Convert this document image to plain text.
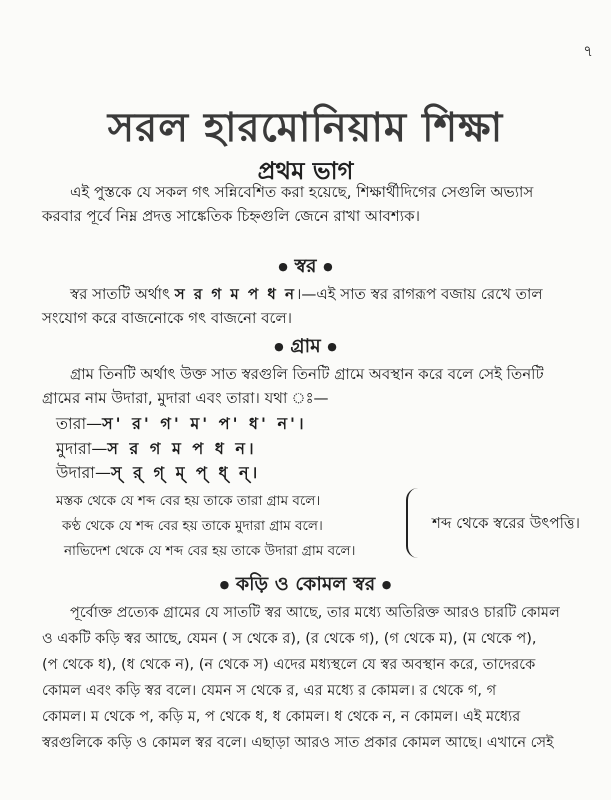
৭
সরল হারমোনিয়াম শিক্ষা
প্রথম ভাগ
এই পুস্তকে যে সকল গৎ সন্নিবেশিত করা হয়েছে, শিক্ষার্থীদিগের সেগুলি অভ্যাস
করবার পূর্বে নিম্ন প্রদত্ত সাঙ্কেতিক চিহ্নগুলি জেনে রাখা আবশ্যক।
● স্বর ●
স্বর সাতটি অর্থাৎ স র গ ম প ধ ন।—এই সাত স্বর রাগরূপ বজায় রেখে তাল
সংযোগ করে বাজনোকে গৎ বাজনো বলে।
● গ্রাম ●
গ্রাম তিনটি অর্থাৎ উক্ত সাত স্বরগুলি তিনটি গ্রামে অবস্থান করে বলে সেই তিনটি
গ্রামের নাম উদারা, মুদারা এবং তারা। যথা ঃ—
তারা—স' র' গ' ম' প' ধ' ন'।
মুদারা—স র গ ম প ধ ন।
উদারা—স্ র্ গ্ ম্ প্ ধ্ ন্।
মস্তক থেকে যে শব্দ বের হয় তাকে তারা গ্রাম বলে।
কণ্ঠ থেকে যে শব্দ বের হয় তাকে মুদারা গ্রাম বলে।
নাভিদেশ থেকে যে শব্দ বের হয় তাকে উদারা গ্রাম বলে।
শব্দ থেকে স্বরের উৎপত্তি।
● কড়ি ও কোমল স্বর ●
পূর্বোক্ত প্রত্যেক গ্রামের যে সাতটি স্বর আছে, তার মধ্যে অতিরিক্ত আরও চারটি কোমল
ও একটি কড়ি স্বর আছে, যেমন ( স থেকে র), (র থেকে গ), (গ থেকে ম), (ম থেকে প),
(প থেকে ধ), (ধ থেকে ন), (ন থেকে স) এদের মধ্যস্থলে যে স্বর অবস্থান করে, তাদেরকে
কোমল এবং কড়ি স্বর বলে। যেমন স থেকে র, এর মধ্যে র কোমল। র থেকে গ, গ
কোমল। ম থেকে প, কড়ি ম, প থেকে ধ, ধ কোমল। ধ থেকে ন, ন কোমল। এই মধ্যের
স্বরগুলিকে কড়ি ও কোমল স্বর বলে। এছাড়া আরও সাত প্রকার কোমল আছে। এখানে সেই
